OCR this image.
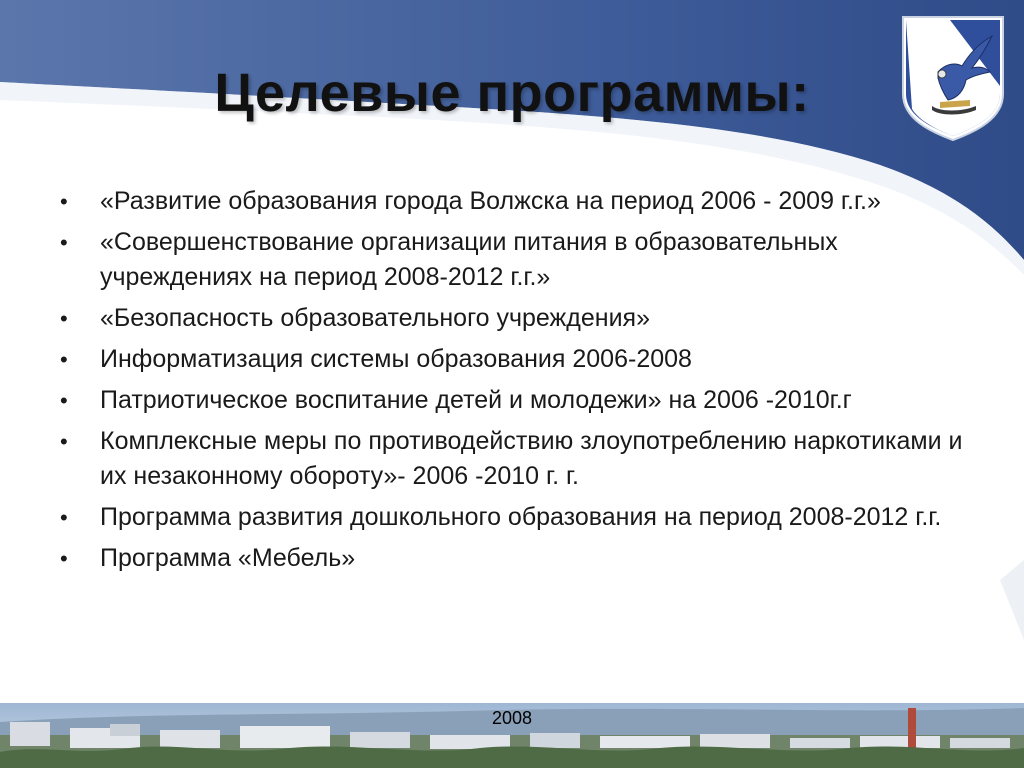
Целевые программы:
• «Развитие образования города Волжска на период 2006 - 2009 г.г.»
• «Совершенствование организации питания в образовательных учреждениях на период 2008-2012 г.г.»
• «Безопасность образовательного учреждения»
• Информатизация системы образования 2006-2008
• Патриотическое воспитание детей и молодежи» на 2006 -2010г.г
• Комплексные меры по противодействию злоупотреблению наркотиками и их незаконному обороту»- 2006 -2010 г. г.
• Программа развития дошкольного образования на период 2008-2012 г.г.
• Программа «Мебель»
2008
